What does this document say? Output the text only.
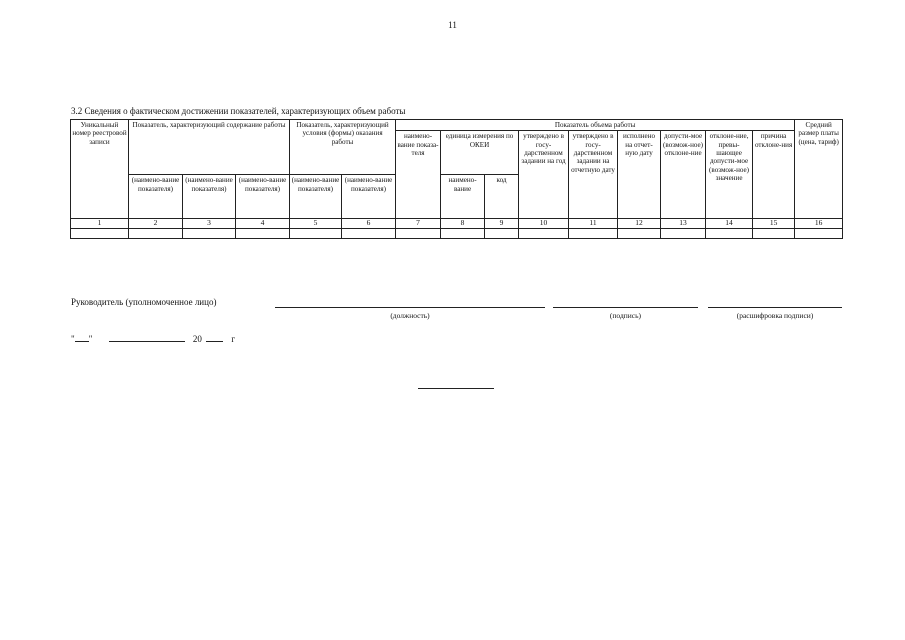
11
3.2 Сведения о фактическом достижении показателей, характеризующих объем работы
Уникальный номер реестровой записи	Показатель, характеризующий содержание работы			Показатель, характеризующий условия (формы) оказания работы		Показатель объема работы									Средний размер платы (цена, тариф)
						наимено-вание показа-теля	единица измерения по ОКЕИ		утверждено в госу-дарственном задании на год	утверждено в госу-дарственном задании на отчетную дату	исполнено на отчет-ную дату	допусти-мое (возмож-ное) отклоне-ние	отклоне-ние, превы-шающее допусти-мое (возмож-ное) значение	причина отклоне-ния	
	(наимено-вание показателя)	(наимено-вание показателя)	(наимено-вание показателя)	(наимено-вание показателя)	(наимено-вание показателя)		наимено-вание	код							
1	2	3	4	5	6	7	8	9	10	11	12	13	14	15	16

Руководитель (уполномоченное лицо)
(должность)	(подпись)	(расшифровка подписи)
" "	20	г
